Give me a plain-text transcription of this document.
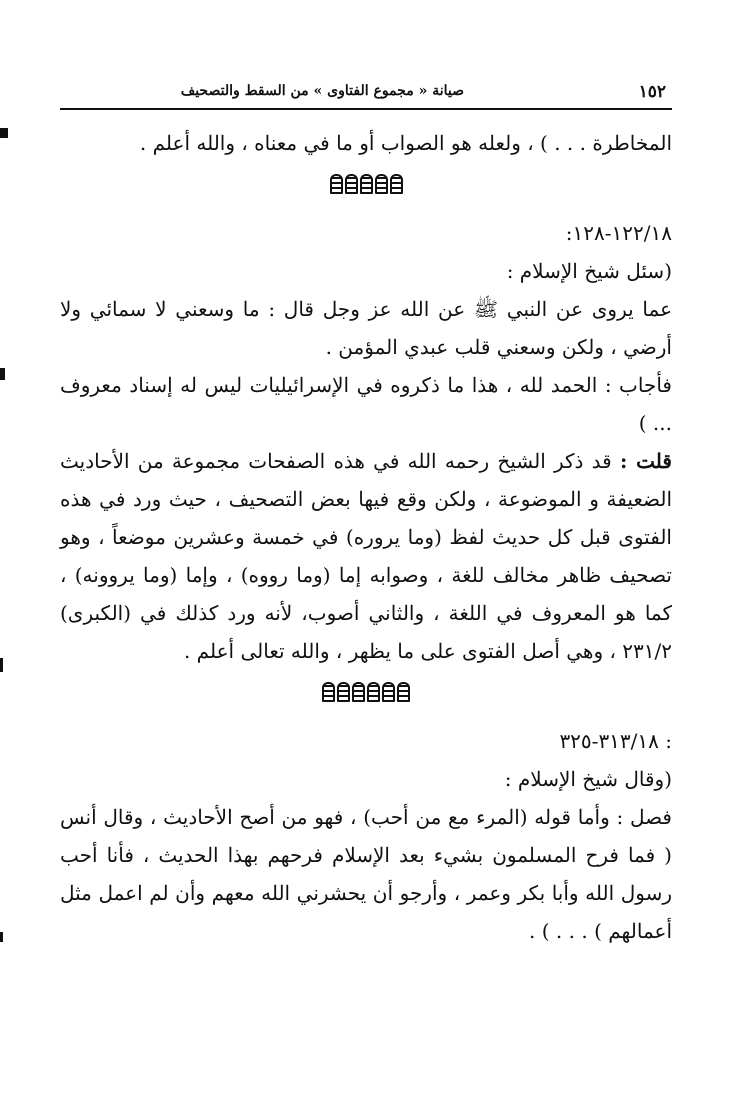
١٥٢
صيانة « مجموع الفتاوى » من السقط والتصحيف

المخاطرة . . . ) ، ولعله هو الصواب أو ما في معناه ، والله أعلم .

١٢٢/١٨-١٢٨:

(سئل شيخ الإسلام :

عما يروى عن النبي ﷺ عن الله عز وجل قال : ما وسعني لا سمائي ولا أرضي ، ولكن وسعني قلب عبدي المؤمن .

فأجاب : الحمد لله ، هذا ما ذكروه في الإسرائيليات ليس له إسناد معروف ... )

قلت : قد ذكر الشيخ رحمه الله في هذه الصفحات مجموعة من الأحاديث الضعيفة و الموضوعة ، ولكن وقع فيها بعض التصحيف ، حيث ورد في هذه الفتوى قبل كل حديث لفظ (وما يروره) في خمسة وعشرين موضعاً ، وهو تصحيف ظاهر مخالف للغة ، وصوابه إما (وما رووه) ، وإما (وما يروونه) ، كما هو المعروف في اللغة ، والثاني أصوب، لأنه ورد كذلك في (الكبرى) ٢٣١/٢ ، وهي أصل الفتوى على ما يظهر ، والله تعالى أعلم .

: ٣١٣/١٨-٣٢٥

(وقال شيخ الإسلام :

فصل : وأما قوله (المرء مع من أحب) ، فهو من أصح الأحاديث ، وقال أنس ( فما فرح المسلمون بشيء بعد الإسلام فرحهم بهذا الحديث ، فأنا أحب رسول الله وأبا بكر وعمر ، وأرجو أن يحشرني الله معهم وأن لم اعمل مثل أعمالهم ) . . . ) .
